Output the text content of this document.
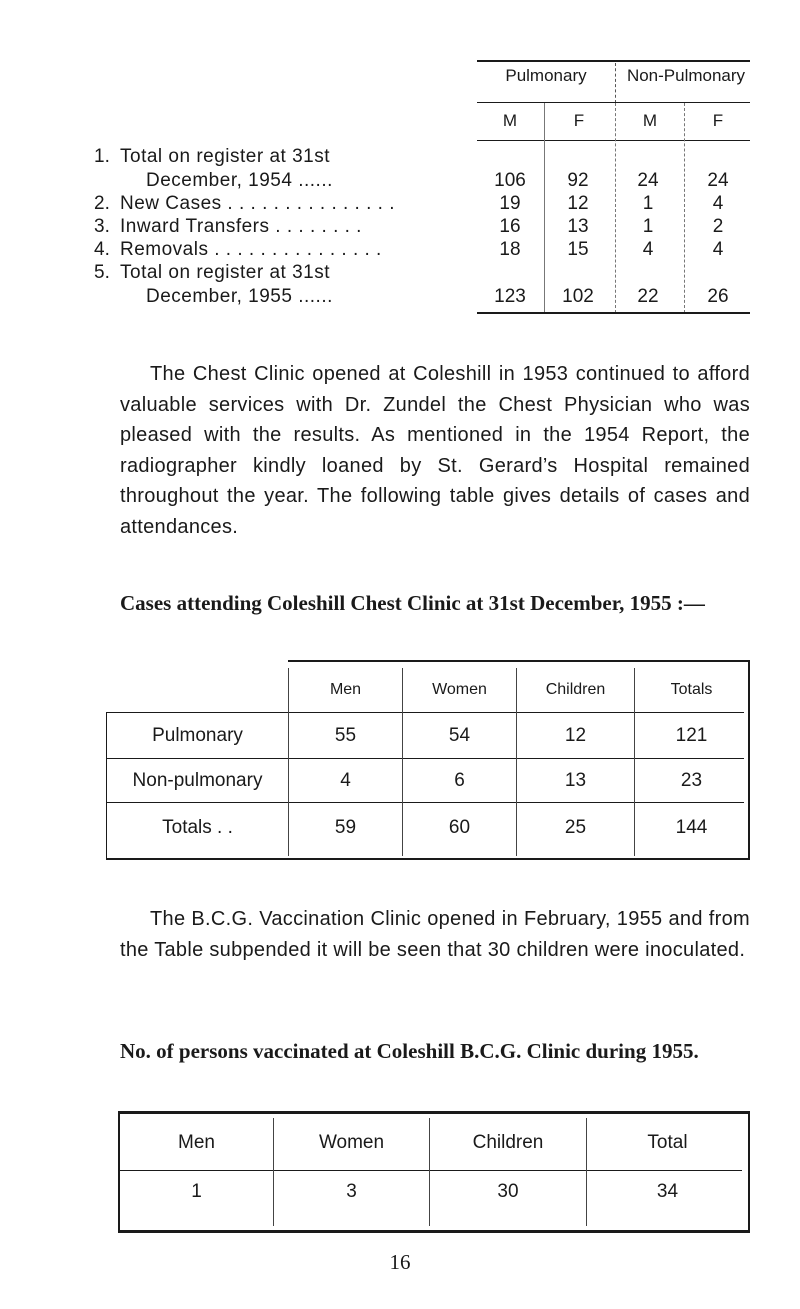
Pulmonary	Non-Pulmonary
M	F	M	F
1. Total on register at 31st
December, 1954 ......	106	92	24	24
2. New Cases . . . . . . . . . . . . . . .	19	12	1	4
3. Inward Transfers . . . . . . . .	16	13	1	2
4. Removals . . . . . . . . . . . . . . .	18	15	4	4
5. Total on register at 31st
December, 1955 ......	123	102	22	26

The Chest Clinic opened at Coleshill in 1953 continued to afford valuable services with Dr. Zundel the Chest Physician who was pleased with the results. As mentioned in the 1954 Report, the radiographer kindly loaned by St. Gerard’s Hospital remained throughout the year. The following table gives details of cases and attendances.

Cases attending Coleshill Chest Clinic at 31st December, 1955 :—
Men	Women	Children	Totals
Pulmonary	55	54	12	121
Non-pulmonary	4	6	13	23
Totals . .	59	60	25	144

The B.C.G. Vaccination Clinic opened in February, 1955 and from the Table subpended it will be seen that 30 children were inoculated.

No. of persons vaccinated at Coleshill B.C.G. Clinic during 1955.
Men	Women	Children	Total
1	3	30	34
16
